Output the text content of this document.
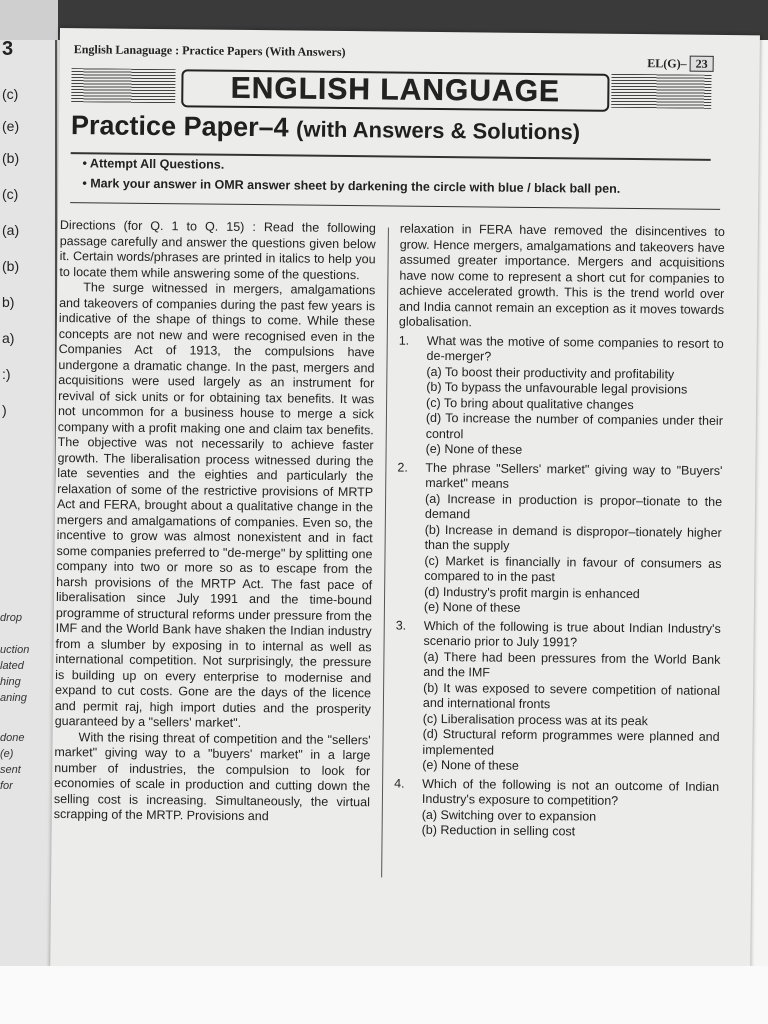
3
(c)
(e)
(b)
(c)
(a)
(b)
b)
a)
:)
)
drop
uction
lated
hing
aning
done
(e)
sent
for
English Lanaguage : Practice Papers (With Answers)
EL(G)– 23
ENGLISH LANGUAGE
Practice Paper–4 (with Answers & Solutions)
• Attempt All Questions.
• Mark your answer in OMR answer sheet by darkening the circle with blue / black ball pen.

Directions (for Q. 1 to Q. 15) : Read the following passage carefully and answer the questions given below it. Certain words/phrases are printed in italics to help you to locate them while answering some of the questions.

The surge witnessed in mergers, amalgamations and takeovers of companies during the past few years is indicative of the shape of things to come. While these concepts are not new and were recognised even in the Companies Act of 1913, the compulsions have undergone a dramatic change. In the past, mergers and acquisitions were used largely as an instrument for revival of sick units or for obtaining tax benefits. It was not uncommon for a business house to merge a sick company with a profit making one and claim tax benefits. The objective was not necessarily to achieve faster growth. The liberalisation process witnessed during the late seventies and the eighties and particularly the relaxation of some of the restrictive provisions of MRTP Act and FERA, brought about a qualitative change in the mergers and amalgamations of companies. Even so, the incentive to grow was almost nonexistent and in fact some companies preferred to "de-merge" by splitting one company into two or more so as to escape from the harsh provisions of the MRTP Act. The fast pace of liberalisation since July 1991 and the time-bound programme of structural reforms under pressure from the IMF and the World Bank have shaken the Indian industry from a slumber by exposing in to internal as well as international competition. Not surprisingly, the pressure is building up on every enterprise to modernise and expand to cut costs. Gone are the days of the licence and permit raj, high import duties and the prosperity guaranteed by a "sellers' market".

With the rising threat of competition and the "sellers' market" giving way to a "buyers' market" in a large number of industries, the compulsion to look for economies of scale in production and cutting down the selling cost is increasing. Simultaneously, the virtual scrapping of the MRTP. Provisions and

relaxation in FERA have removed the disincentives to grow. Hence mergers, amalgamations and takeovers have assumed greater importance. Mergers and acquisitions have now come to represent a short cut for companies to achieve accelerated growth. This is the trend world over and India cannot remain an exception as it moves towards globalisation.

1.	What was the motive of some companies to resort to de-merger?
(a) To boost their productivity and profitability
(b) To bypass the unfavourable legal provisions
(c) To bring about qualitative changes
(d) To increase the number of companies under their control
(e) None of these
2.	The phrase "Sellers' market" giving way to "Buyers' market" means
(a) Increase in production is propor–tionate to the demand
(b) Increase in demand is dispropor–tionately higher than the supply
(c) Market is financially in favour of consumers as compared to in the past
(d) Industry's profit margin is enhanced
(e) None of these
3.	Which of the following is true about Indian Industry's scenario prior to July 1991?
(a) There had been pressures from the World Bank and the IMF
(b) It was exposed to severe competition of national and international fronts
(c) Liberalisation process was at its peak
(d) Structural reform programmes were planned and implemented
(e) None of these
4.	Which of the following is not an outcome of Indian Industry's exposure to competition?
(a) Switching over to expansion
(b) Reduction in selling cost
